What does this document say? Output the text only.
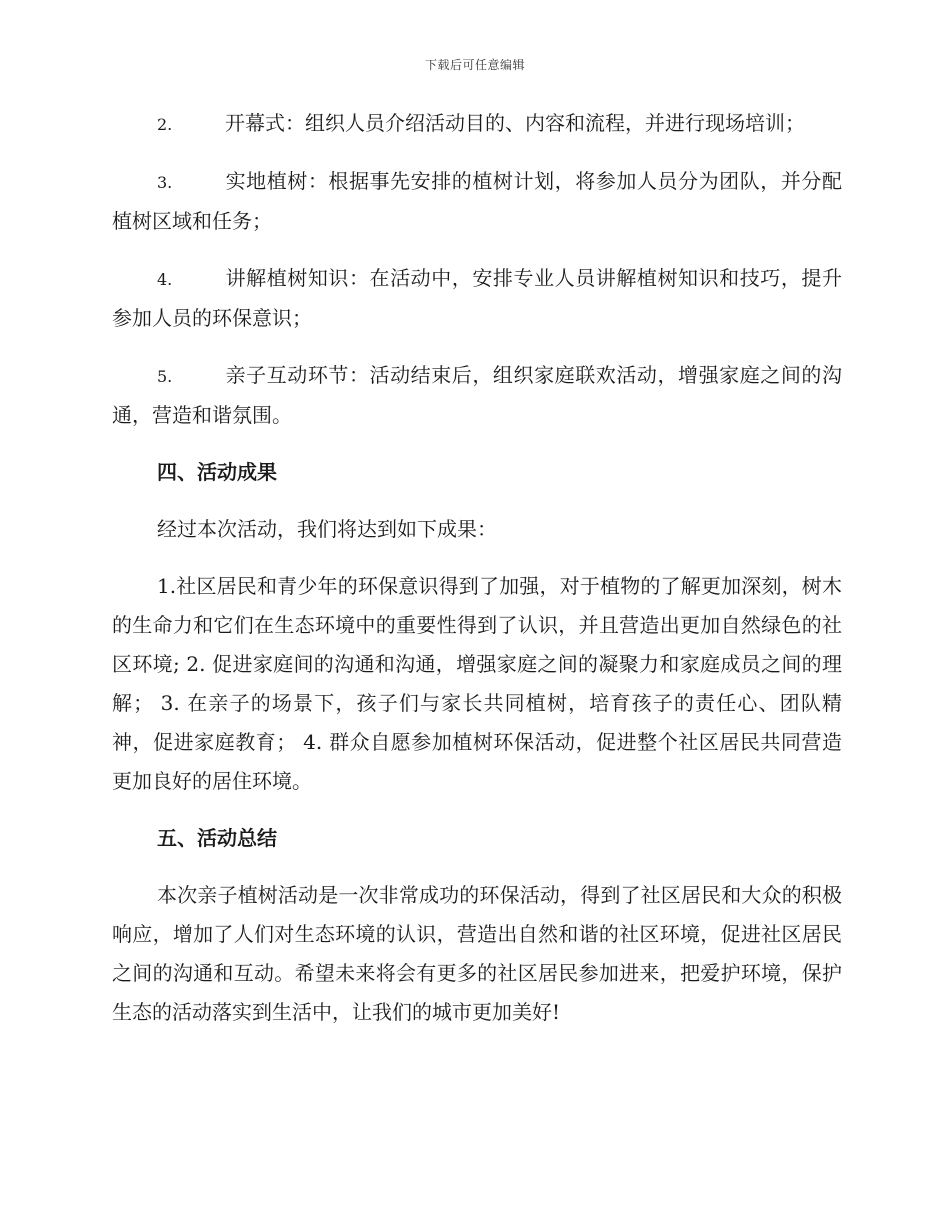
下载后可任意编辑

2.	开幕式：组织人员介绍活动目的、内容和流程，并进行现场培训；

3.	实地植树：根据事先安排的植树计划，将参加人员分为团队，并分配植树区域和任务；

4.	讲解植树知识：在活动中，安排专业人员讲解植树知识和技巧，提升参加人员的环保意识；

5.	亲子互动环节：活动结束后，组织家庭联欢活动，增强家庭之间的沟通，营造和谐氛围。

四、活动成果

经过本次活动，我们将达到如下成果：

1.社区居民和青少年的环保意识得到了加强，对于植物的了解更加深刻，树木的生命力和它们在生态环境中的重要性得到了认识，并且营造出更加自然绿色的社区环境; 2. 促进家庭间的沟通和沟通，增强家庭之间的凝聚力和家庭成员之间的理解； 3. 在亲子的场景下，孩子们与家长共同植树，培育孩子的责任心、团队精神，促进家庭教育； 4. 群众自愿参加植树环保活动，促进整个社区居民共同营造更加良好的居住环境。

五、活动总结

本次亲子植树活动是一次非常成功的环保活动，得到了社区居民和大众的积极响应，增加了人们对生态环境的认识，营造出自然和谐的社区环境，促进社区居民之间的沟通和互动。希望未来将会有更多的社区居民参加进来，把爱护环境，保护生态的活动落实到生活中，让我们的城市更加美好!
